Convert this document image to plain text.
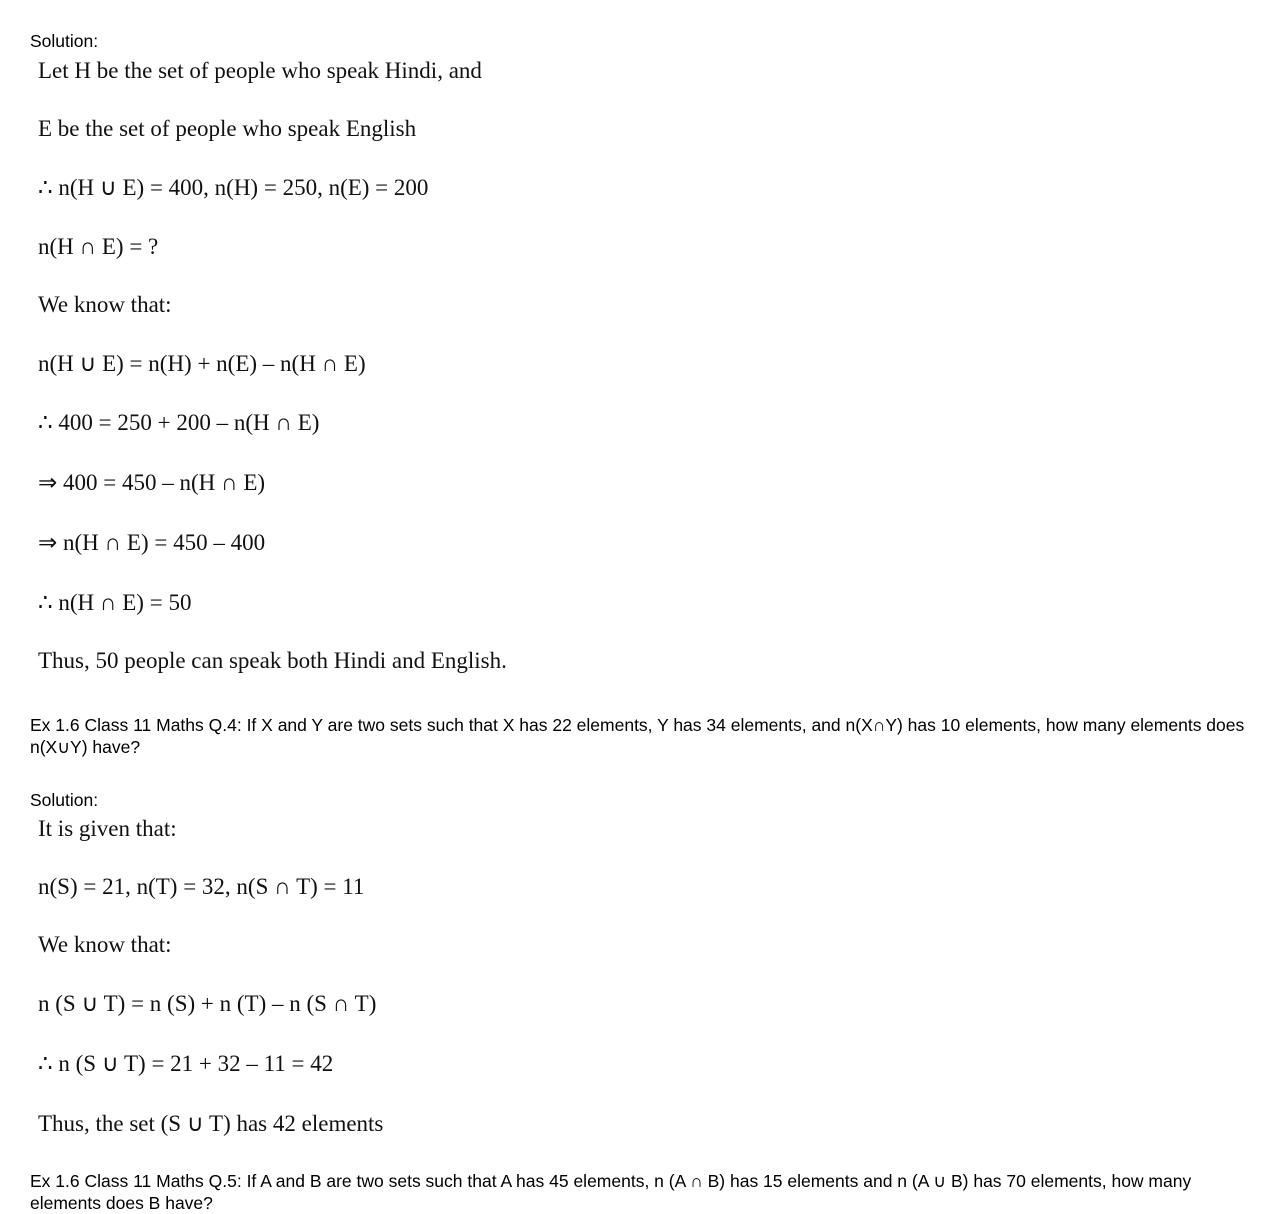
Solution:
Let H be the set of people who speak Hindi, and
E be the set of people who speak English
∴ n(H ∪ E) = 400, n(H) = 250, n(E) = 200
n(H ∩ E) = ?
We know that:
n(H ∪ E) = n(H) + n(E) – n(H ∩ E)
∴ 400 = 250 + 200 – n(H ∩ E)
⇒ 400 = 450 – n(H ∩ E)
⇒ n(H ∩ E) = 450 – 400
∴ n(H ∩ E) = 50
Thus, 50 people can speak both Hindi and English.
Ex 1.6 Class 11 Maths Q.4: If X and Y are two sets such that X has 22 elements, Y has 34 elements, and n(X∩Y) has 10 elements, how many elements does n(X∪Y) have?
Solution:
It is given that:
n(S) = 21, n(T) = 32, n(S ∩ T) = 11
We know that:
n (S ∪ T) = n (S) + n (T) – n (S ∩ T)
∴ n (S ∪ T) = 21 + 32 – 11 = 42
Thus, the set (S ∪ T) has 42 elements
Ex 1.6 Class 11 Maths Q.5: If A and B are two sets such that A has 45 elements, n (A ∩ B) has 15 elements and n (A ∪ B) has 70 elements, how many elements does B have?
